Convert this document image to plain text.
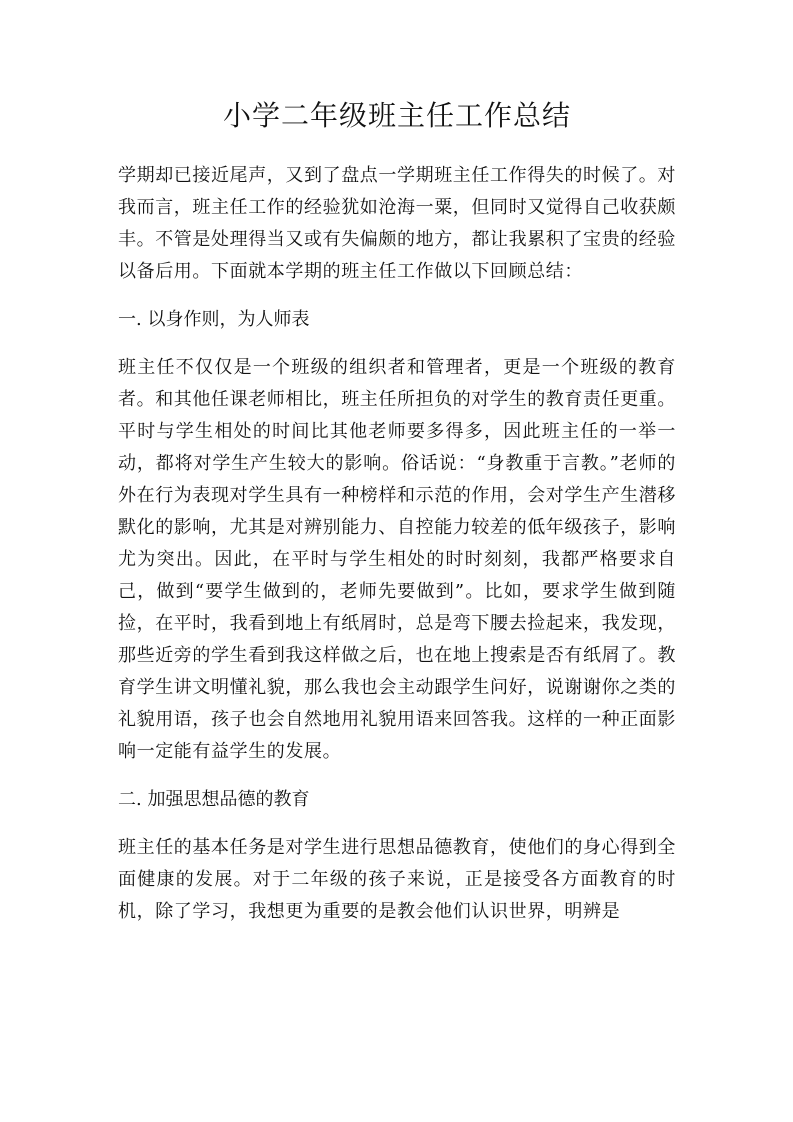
小学二年级班主任工作总结

学期却已接近尾声，又到了盘点一学期班主任工作得失的时候了。对我而言，班主任工作的经验犹如沧海一粟，但同时又觉得自己收获颇丰。不管是处理得当又或有失偏颇的地方，都让我累积了宝贵的经验以备后用。下面就本学期的班主任工作做以下回顾总结：

一. 以身作则，为人师表

班主任不仅仅是一个班级的组织者和管理者，更是一个班级的教育者。和其他任课老师相比，班主任所担负的对学生的教育责任更重。平时与学生相处的时间比其他老师要多得多，因此班主任的一举一动，都将对学生产生较大的影响。俗话说：“身教重于言教。”老师的外在行为表现对学生具有一种榜样和示范的作用，会对学生产生潜移默化的影响，尤其是对辨别能力、自控能力较差的低年级孩子，影响尤为突出。因此，在平时与学生相处的时时刻刻，我都严格要求自己，做到“要学生做到的，老师先要做到”。比如，要求学生做到随捡，在平时，我看到地上有纸屑时，总是弯下腰去捡起来，我发现，那些近旁的学生看到我这样做之后，也在地上搜索是否有纸屑了。教育学生讲文明懂礼貌，那么我也会主动跟学生问好，说谢谢你之类的礼貌用语，孩子也会自然地用礼貌用语来回答我。这样的一种正面影响一定能有益学生的发展。

二. 加强思想品德的教育

班主任的基本任务是对学生进行思想品德教育，使他们的身心得到全面健康的发展。对于二年级的孩子来说，正是接受各方面教育的时机，除了学习，我想更为重要的是教会他们认识世界，明辨是
